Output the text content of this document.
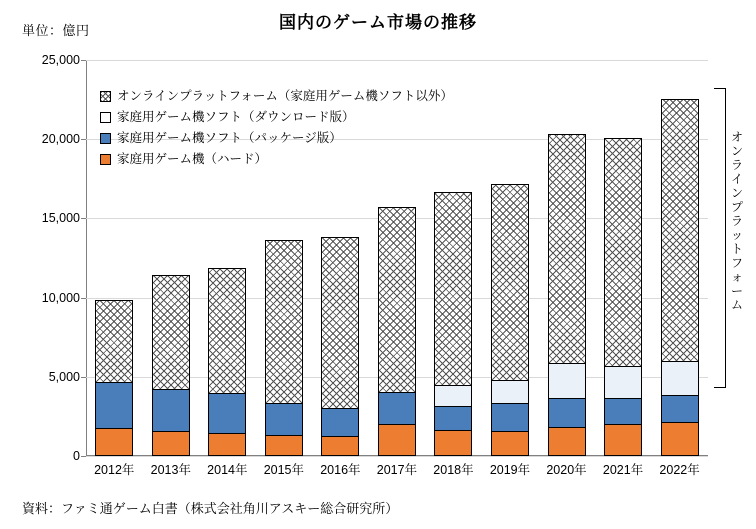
単位：億円	国内のゲーム市場の推移
0
5,000
10,000
15,000
20,000
25,000
2012年	2013年	2014年	2015年	2016年	2017年	2018年	2019年	2020年	2021年	2022年
オンラインプラットフォーム（家庭用ゲーム機ソフト以外）
家庭用ゲーム機ソフト（ダウンロード版）
家庭用ゲーム機ソフト（パッケージ版）
家庭用ゲーム機（ハード）
オンラインプラットフォーム
資料：ファミ通ゲーム白書（株式会社角川アスキー総合研究所）
